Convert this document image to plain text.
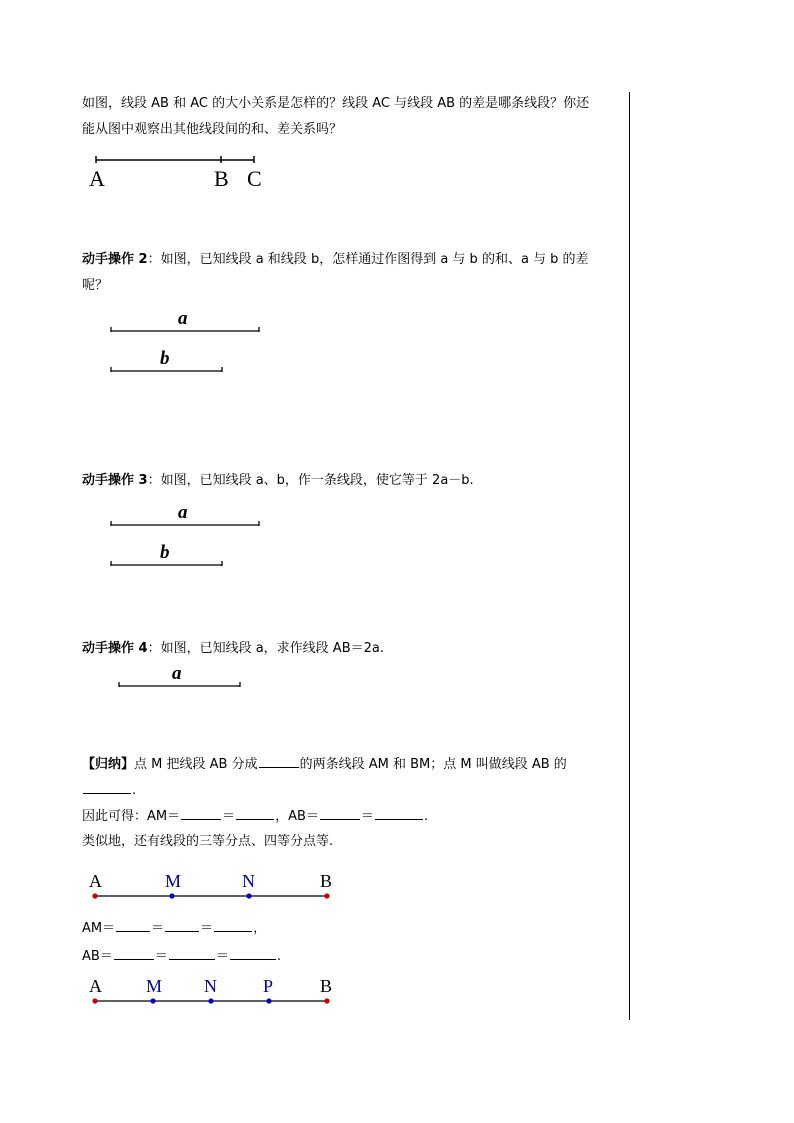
如图，线段 AB 和 AC 的大小关系是怎样的？线段 AC 与线段 AB 的差是哪条线段？你还
能从图中观察出其他线段间的和、差关系吗？
A	B C
动手操作 2：如图，已知线段 a 和线段 b，怎样通过作图得到 a 与 b 的和、a 与 b 的差
呢？
a
b
动手操作 3：如图，已知线段 a、b，作一条线段，使它等于 2a－b.
a
b
动手操作 4：如图，已知线段 a，求作线段 AB＝2a.
a
【归纳】点 M 把线段 AB 分成	的两条线段 AM 和 BM；点 M 叫做线段 AB 的
.
因此可得：AM＝	＝	，AB＝	＝	.
类似地，还有线段的三等分点、四等分点等.
A	M	N	B
AM＝	＝	＝	，
AB＝	＝	＝	.
A M N	P	B
